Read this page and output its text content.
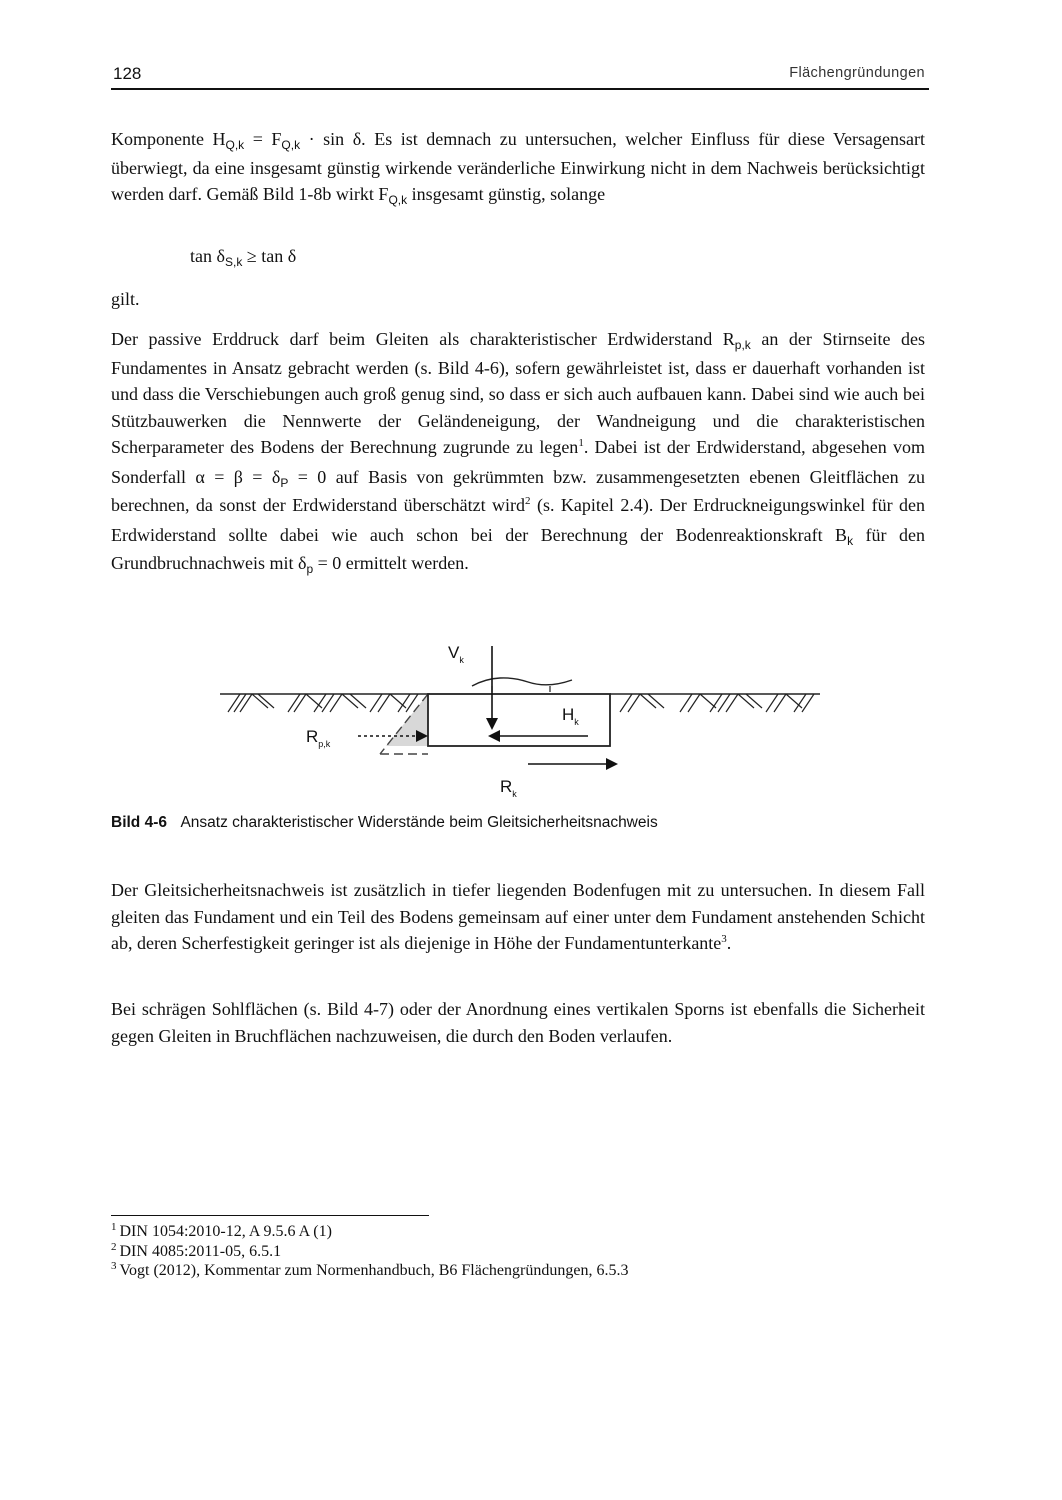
128	Flächengründungen

Komponente $H_{Q,k} = F_{Q,k} \cdot \sin \delta$. Es ist demnach zu untersuchen, welcher Einfluss für diese Versagensart überwiegt, da eine insgesamt günstig wirkende veränderliche Einwirkung nicht in dem Nachweis berücksichtigt werden darf. Gemäß Bild 1-8b wirkt $F_{Q,k}$ insgesamt günstig, solange

$\tan \delta_{S,k} \ge \tan \delta$

gilt.

Der passive Erddruck darf beim Gleiten als charakteristischer Erdwiderstand $R_{p,k}$ an der Stirnseite des Fundamentes in Ansatz gebracht werden (s. Bild 4-6), sofern gewährleistet ist, dass er dauerhaft vorhanden ist und dass die Verschiebungen auch groß genug sind, so dass er sich auch aufbauen kann. Dabei sind wie auch bei Stützbauwerken die Nennwerte der Geländeneigung, der Wandneigung und die charakteristischen Scherparameter des Bodens der Berechnung zugrunde zu legen$^1$. Dabei ist der Erdwiderstand, abgesehen vom Sonderfall $\alpha = \beta = \delta_P = 0$ auf Basis von gekrümmten bzw. zusammengesetzten ebenen Gleitflächen zu berechnen, da sonst der Erdwiderstand überschätzt wird$^2$ (s. Kapitel 2.4). Der Erdruckneigungswinkel für den Erdwiderstand sollte dabei wie auch schon bei der Berechnung der Bodenreaktionskraft $B_k$ für den Grundbruchnachweis mit $\delta_p = 0$ ermittelt werden.

$V_k$
$H_k$
$R_{p,k}$
$R_k$
Bild 4-6 Ansatz charakteristischer Widerstände beim Gleitsicherheitsnachweis

Der Gleitsicherheitsnachweis ist zusätzlich in tiefer liegenden Bodenfugen mit zu untersuchen. In diesem Fall gleiten das Fundament und ein Teil des Bodens gemeinsam auf einer unter dem Fundament anstehenden Schicht ab, deren Scherfestigkeit geringer ist als diejenige in Höhe der Fundamentunterkante$^3$.

Bei schrägen Sohlflächen (s. Bild 4-7) oder der Anordnung eines vertikalen Sporns ist ebenfalls die Sicherheit gegen Gleiten in Bruchflächen nachzuweisen, die durch den Boden verlaufen.

$^1$ DIN 1054:2010-12, A 9.5.6 A (1)
$^2$ DIN 4085:2011-05, 6.5.1
$^3$ Vogt (2012), Kommentar zum Normenhandbuch, B6 Flächengründungen, 6.5.3
